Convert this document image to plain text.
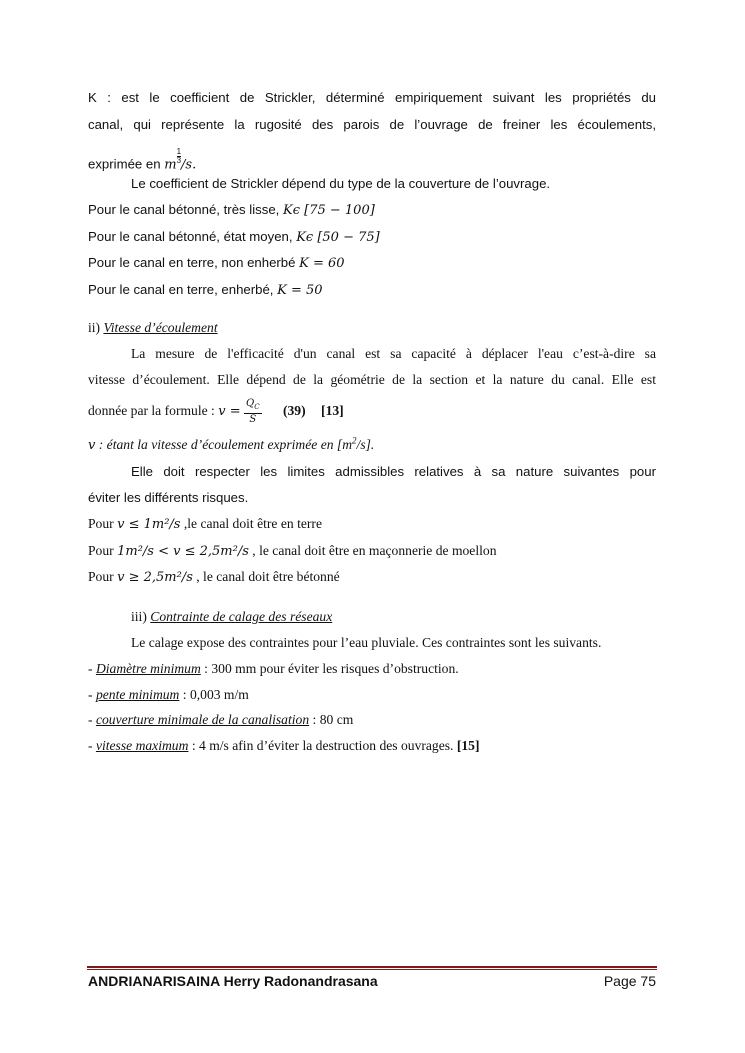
K : est le coefficient de Strickler, déterminé empiriquement suivant les propriétés du
canal, qui représente la rugosité des parois de l’ouvrage de freiner les écoulements,
exprimée en m $\frac{1}{3} /s$.
Le coefficient de Strickler dépend du type de la couverture de l’ouvrage.
Pour le canal bétonné, très lisse, Kϵ [75 − 100]
Pour le canal bétonné, état moyen, Kϵ [50 − 75]
Pour le canal en terre, non enherbé K = 60
Pour le canal en terre, enherbé, K = 50
ii) Vitesse d’écoulement
La mesure de l'efficacité d'un canal est sa capacité à déplacer l'eau c’est-à-dire sa
vitesse d’écoulement. Elle dépend de la géométrie de la section et la nature du canal. Elle est
donnée par la formule : $v = \frac{Q_C}{S} (39)$ [13]
v : étant la vitesse d’écoulement exprimée en $[m^2/s]$.
Elle doit respecter les limites admissibles relatives à sa nature suivantes pour
éviter les différents risques.
Pour v ≤ 1m²/s ,le canal doit être en terre
Pour 1m²/s < v ≤ 2,5m²/s , le canal doit être en maçonnerie de moellon
Pour v ≥ 2,5m²/s , le canal doit être bétonné
iii) Contrainte de calage des réseaux
Le calage expose des contraintes pour l’eau pluviale. Ces contraintes sont les suivants.
- Diamètre minimum : 300 mm pour éviter les risques d’obstruction.
- pente minimum : 0,003 m/m
- couverture minimale de la canalisation : 80 cm
- vitesse maximum : 4 m/s afin d’éviter la destruction des ouvrages. [15]
ANDRIANARISAINA Herry Radonandrasana	Page 75
